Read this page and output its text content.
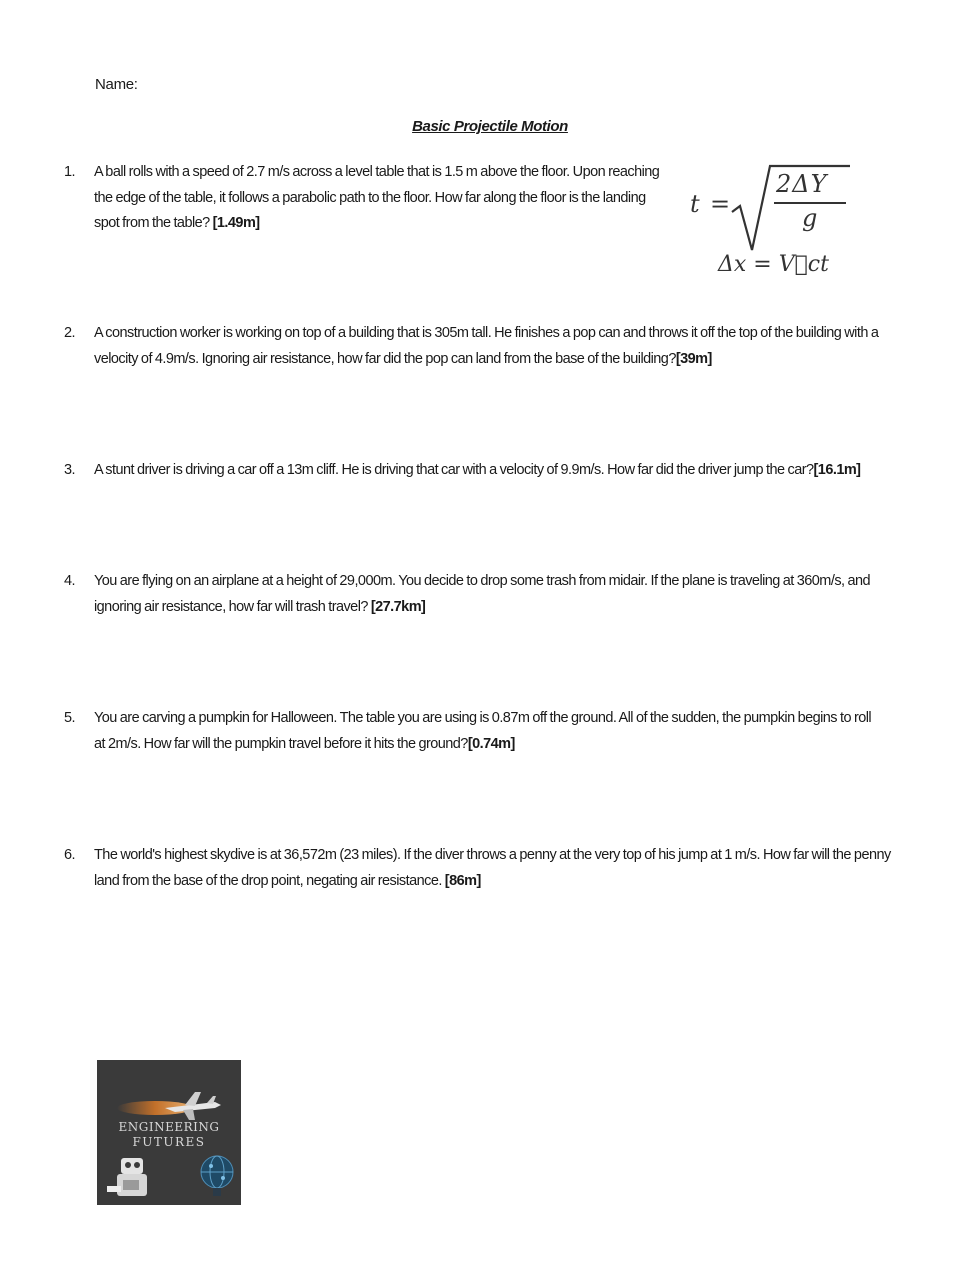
Name:
Basic Projectile Motion
1.	A ball rolls with a speed of 2.7 m/s across a level table that is 1.5 m above the floor. Upon reaching the edge of the table, it follows a parabolic path to the floor. How far along the floor is the landing spot from the table? [1.49m]
t =
2ΔY
g
Δx = V⃗ct
2.	A construction worker is working on top of a building that is 305m tall. He finishes a pop can and throws it off the top of the building with a velocity of 4.9m/s. Ignoring air resistance, how far did the pop can land from the base of the building?[39m]
3.	A stunt driver is driving a car off a 13m cliff. He is driving that car with a velocity of 9.9m/s. How far did the driver jump the car?[16.1m]
4.	You are flying on an airplane at a height of 29,000m. You decide to drop some trash from midair. If the plane is traveling at 360m/s, and ignoring air resistance, how far will trash travel? [27.7km]
5.	You are carving a pumpkin for Halloween. The table you are using is 0.87m off the ground. All of the sudden, the pumpkin begins to roll at 2m/s. How far will the pumpkin travel before it hits the ground?[0.74m]
6.	The world's highest skydive is at 36,572m (23 miles). If the diver throws a penny at the very top of his jump at 1 m/s. How far will the penny land from the base of the drop point, negating air resistance. [86m]
ENGINEERING
FUTURES
